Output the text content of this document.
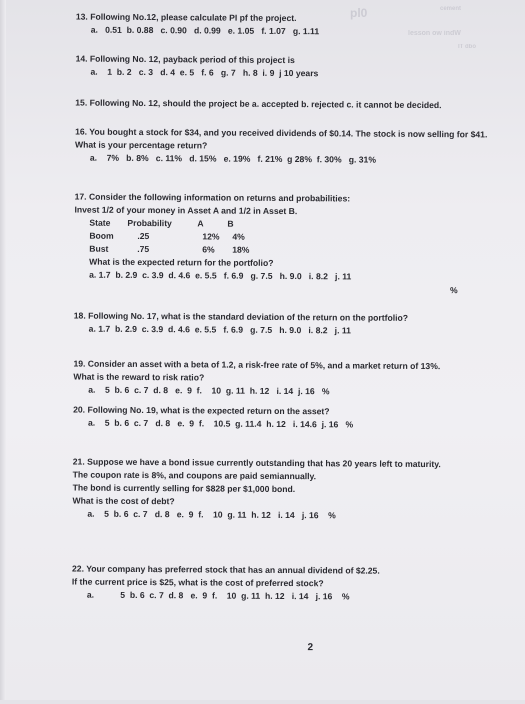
pl0	cement
lesson ow indW
IT dbo
13. Following No.12, please calculate PI pf the project.
a.   0.51  b. 0.88   c. 0.90   d. 0.99   e. 1.05   f. 1.07   g. 1.11
14. Following No. 12, payback period of this project is
a.    1  b. 2   c. 3   d. 4  e. 5   f. 6   g. 7   h. 8  i. 9  j 10 years
15. Following No. 12, should the project be a. accepted b. rejected c. it cannot be decided.
16. You bought a stock for $34, and you received dividends of $0.14. The stock is now selling for $41.
What is your percentage return?
a.    7%   b. 8%   c. 11%   d. 15%   e. 19%   f. 21%  g 28%  f. 30%   g. 31%
17. Consider the following information on returns and probabilities:
Invest 1/2 of your money in Asset A and 1/2 in Asset B.
State Probability	A	B
Boom	.25	12% 4%
Bust	.75	6% 18%
What is the expected return for the portfolio?
a. 1.7  b. 2.9  c. 3.9  d. 4.6  e. 5.5   f. 6.9   g. 7.5   h. 9.0   i. 8.2   j. 11
%
18. Following No. 17, what is the standard deviation of the return on the portfolio?
a. 1.7  b. 2.9  c. 3.9  d. 4.6  e. 5.5   f. 6.9   g. 7.5   h. 9.0   i. 8.2   j. 11
19. Consider an asset with a beta of 1.2, a risk-free rate of 5%, and a market return of 13%.
What is the reward to risk ratio?
a.    5  b. 6  c. 7  d. 8   e.  9  f.    10  g. 11  h. 12   i. 14  j. 16   %
20. Following No. 19, what is the expected return on the asset?
a.    5  b. 6  c. 7   d. 8   e.  9  f.    10.5  g. 11.4  h. 12   i. 14.6  j. 16   %
21. Suppose we have a bond issue currently outstanding that has 20 years left to maturity.
The coupon rate is 8%, and coupons are paid semiannually.
The bond is currently selling for $828 per $1,000 bond.
What is the cost of debt?
a.    5  b. 6  c. 7   d. 8   e.  9  f.    10  g. 11  h. 12   i. 14   j. 16    %
22. Your company has preferred stock that has an annual dividend of $2.25.
If the current price is $25, what is the cost of preferred stock?
a.           5  b. 6  c. 7  d. 8   e.  9  f.    10  g. 11  h. 12   i. 14   j. 16    %
2
